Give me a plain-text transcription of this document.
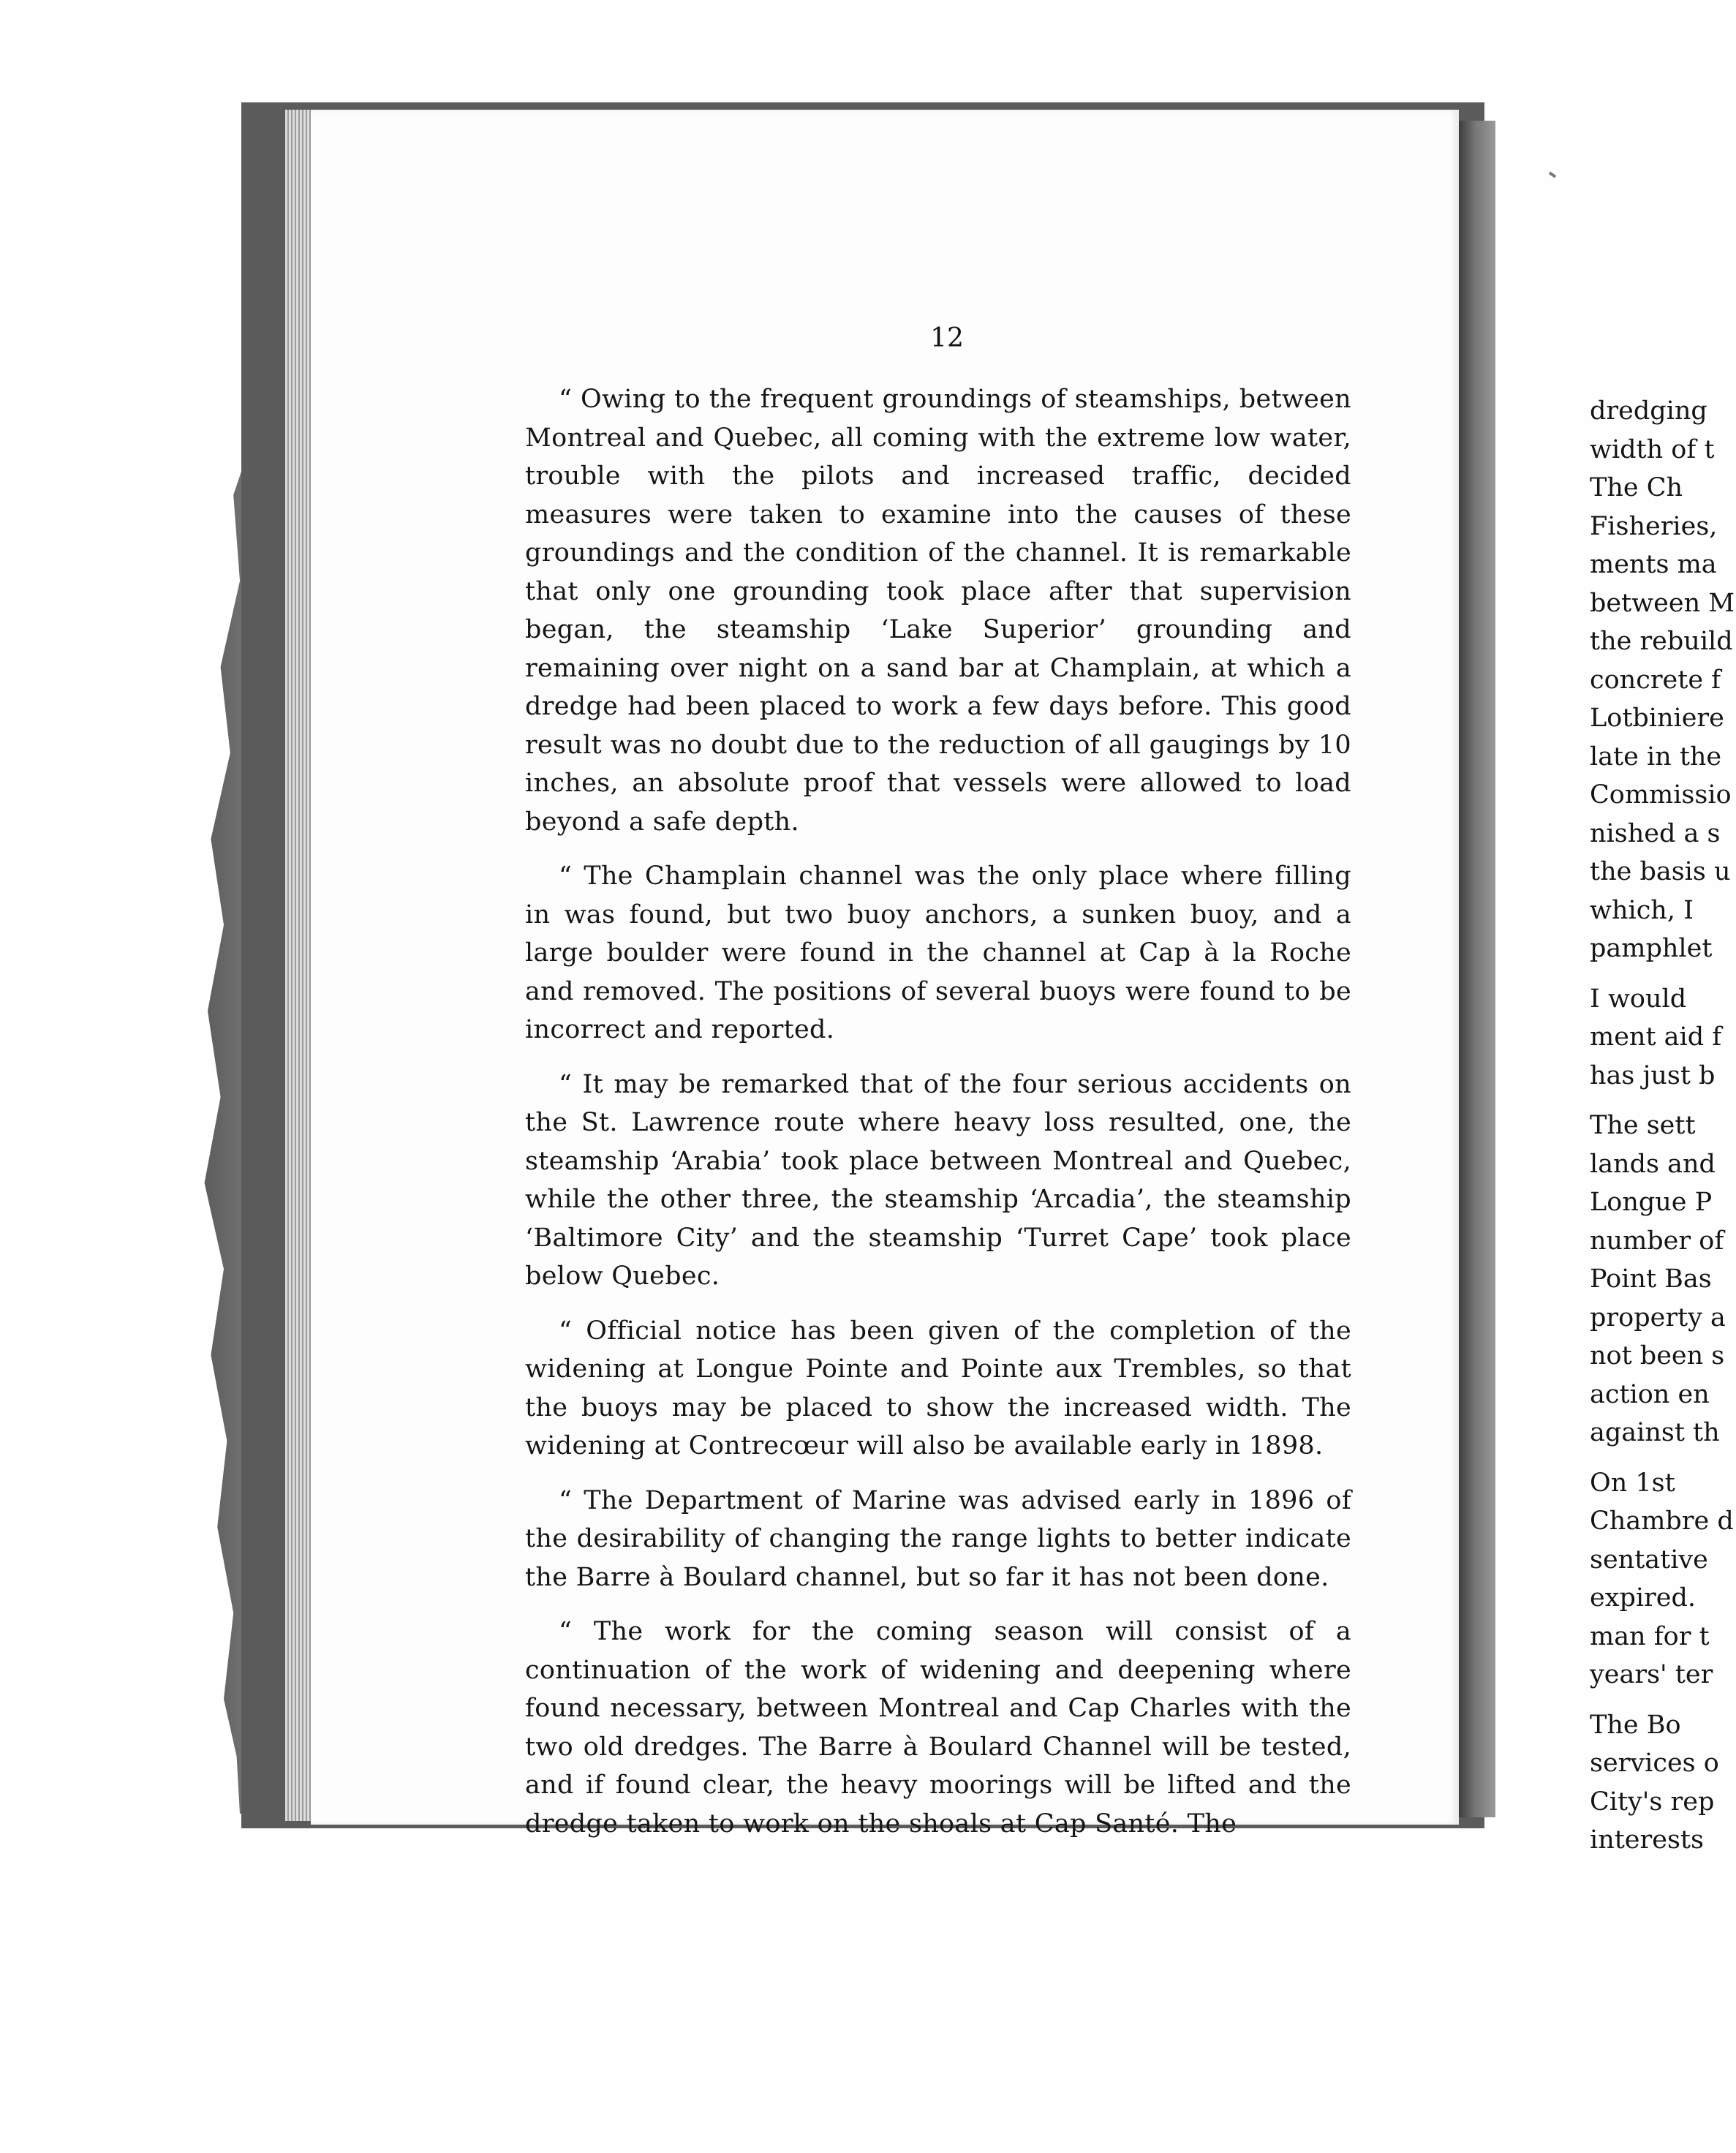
12

“ Owing to the frequent groundings of steamships, between Montreal and Quebec, all coming with the extreme low water, trouble with the pilots and increased traffic, decided measures were taken to examine into the causes of these groundings and the condition of the channel. It is remarkable that only one grounding took place after that supervision began, the steamship ‘Lake Superior’ grounding and remaining over night on a sand bar at Champlain, at which a dredge had been placed to work a few days before. This good result was no doubt due to the reduction of all gaugings by 10 inches, an absolute proof that vessels were allowed to load beyond a safe depth.

“ The Champlain channel was the only place where filling in was found, but two buoy anchors, a sunken buoy, and a large boulder were found in the channel at Cap à la Roche and removed. The positions of several buoys were found to be incorrect and reported.

“ It may be remarked that of the four serious accidents on the St. Lawrence route where heavy loss resulted, one, the steamship ‘Arabia’ took place between Montreal and Quebec, while the other three, the steamship ‘Arcadia’, the steamship ‘Baltimore City’ and the steamship ‘Turret Cape’ took place below Quebec.

“ Official notice has been given of the completion of the widening at Longue Pointe and Pointe aux Trembles, so that the buoys may be placed to show the increased width. The widening at Contrecœur will also be available early in 1898.

“ The Department of Marine was advised early in 1896 of the desirability of changing the range lights to better indicate the Barre à Boulard channel, but so far it has not been done.

“ The work for the coming season will consist of a continuation of the work of widening and deepening where found necessary, between Montreal and Cap Charles with the two old dredges. The Barre à Boulard Channel will be tested, and if found clear, the heavy moorings will be lifted and the dredge taken to work on the shoals at Cap Santé. The

dredging
width of t
The Ch
Fisheries,
ments ma
between M
the rebuild
concrete f
Lotbiniere
late in the
Commissio
nished a s
the basis u
which, I
pamphlet
I would
ment aid f
has just b
The sett
lands and
Longue P
number of
Point Bas
property a
not been s
action en
against th
On 1st
Chambre d
sentative
expired.
man for t
years' ter
The Bo
services o
City's rep
interests
